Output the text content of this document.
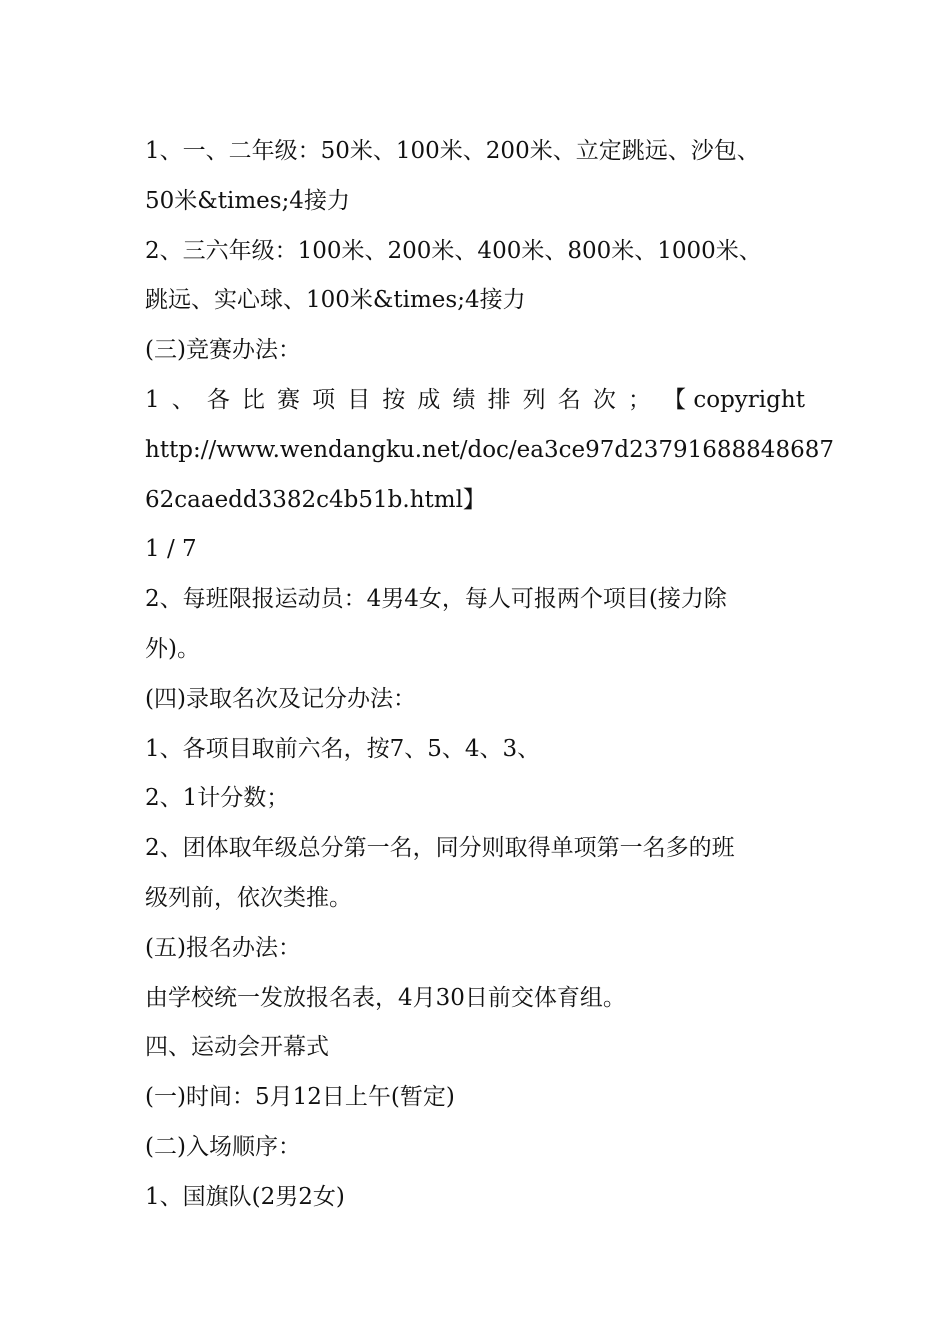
1、一、二年级：50米、100米、200米、立定跳远、沙包、
50米&times;4接力
2、三六年级：100米、200米、400米、800米、1000米、
跳远、实心球、100米&times;4接力
(三)竞赛办法：
1 、 各 比 赛 项 目 按 成 绩 排 列 名 次 ； 【 copyright
http://www.wendangku.net/doc/ea3ce97d23791688848687
62caaedd3382c4b51b.html】
1 / 7
2、每班限报运动员：4男4女，每人可报两个项目(接力除
外)。
(四)录取名次及记分办法：
1、各项目取前六名，按7、5、4、3、
2、1计分数；
2、团体取年级总分第一名，同分则取得单项第一名多的班
级列前，依次类推。
(五)报名办法：
由学校统一发放报名表，4月30日前交体育组。
四、运动会开幕式
(一)时间：5月12日上午(暂定)
(二)入场顺序：
1、国旗队(2男2女)
